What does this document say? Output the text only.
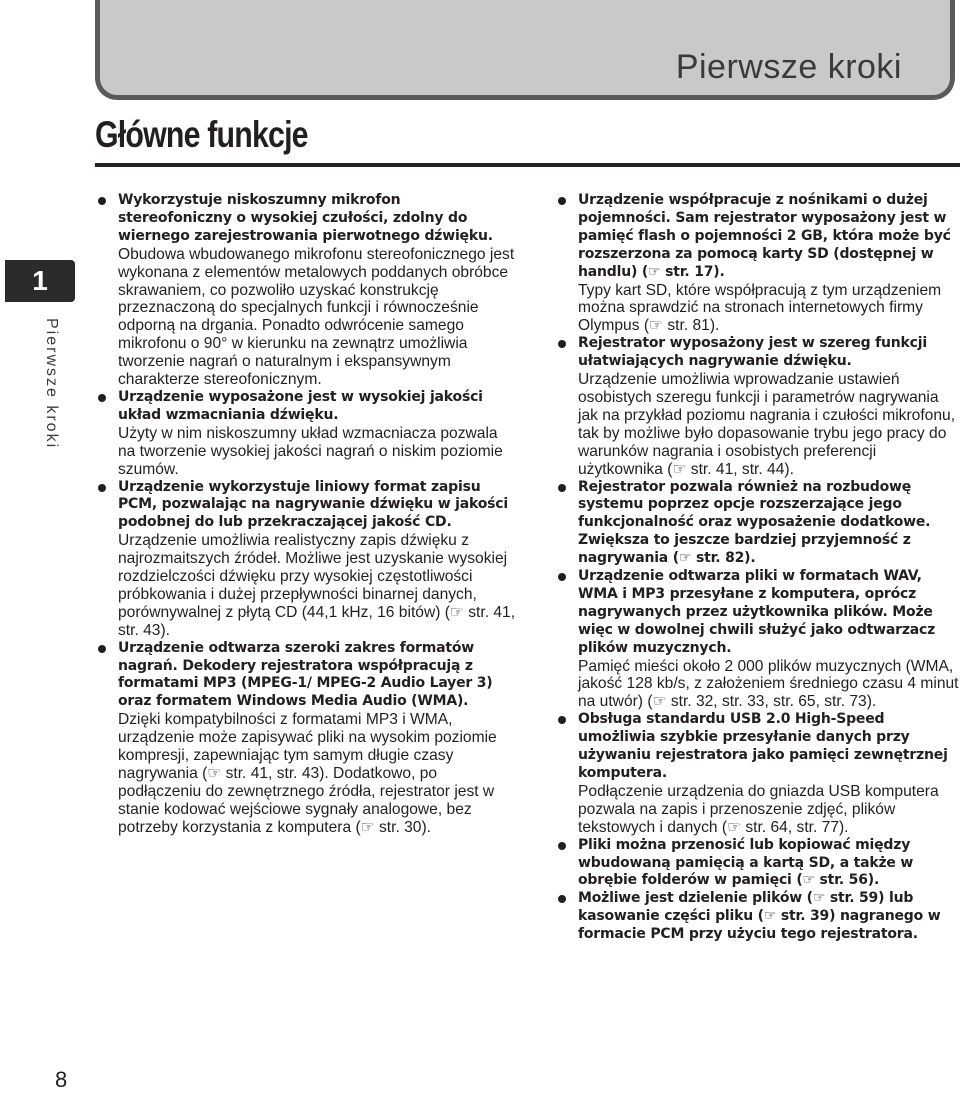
Pierwsze kroki
Główne funkcje
1
Pierwsze kroki
8
Wykorzystuje niskoszumny mikrofon stereofoniczny o wysokiej czułości, zdolny do wiernego zarejestrowania pierwotnego dźwięku.
Obudowa wbudowanego mikrofonu stereofonicznego jest wykonana z elementów metalowych poddanych obróbce skrawaniem, co pozwoliło uzyskać konstrukcję przeznaczoną do specjalnych funkcji i równocześnie odporną na drgania. Ponadto odwrócenie samego mikrofonu o 90° w kierunku na zewnątrz umożliwia tworzenie nagrań o naturalnym i ekspansywnym charakterze stereofonicznym.
Urządzenie wyposażone jest w wysokiej jakości układ wzmacniania dźwięku.
Użyty w nim niskoszumny układ wzmacniacza pozwala na tworzenie wysokiej jakości nagrań o niskim poziomie szumów.
Urządzenie wykorzystuje liniowy format zapisu PCM, pozwalając na nagrywanie dźwięku w jakości podobnej do lub przekraczającej jakość CD.
Urządzenie umożliwia realistyczny zapis dźwięku z najrozmaitszych źródeł. Możliwe jest uzyskanie wysokiej rozdzielczości dźwięku przy wysokiej częstotliwości próbkowania i dużej przepływności binarnej danych, porównywalnej z płytą CD (44,1 kHz, 16 bitów) (☞ str. 41, str. 43).
Urządzenie odtwarza szeroki zakres formatów nagrań. Dekodery rejestratora współpracują z formatami MP3 (MPEG-1/ MPEG-2 Audio Layer 3) oraz formatem Windows Media Audio (WMA).
Dzięki kompatybilności z formatami MP3 i WMA, urządzenie może zapisywać pliki na wysokim poziomie kompresji, zapewniając tym samym długie czasy nagrywania (☞ str. 41, str. 43). Dodatkowo, po podłączeniu do zewnętrznego źródła, rejestrator jest w stanie kodować wejściowe sygnały analogowe, bez potrzeby korzystania z komputera (☞ str. 30).
Urządzenie współpracuje z nośnikami o dużej pojemności. Sam rejestrator wyposażony jest w pamięć flash o pojemności 2 GB, która może być rozszerzona za pomocą karty SD (dostępnej w handlu) (☞ str. 17).
Typy kart SD, które współpracują z tym urządzeniem można sprawdzić na stronach internetowych firmy Olympus (☞ str. 81).
Rejestrator wyposażony jest w szereg funkcji ułatwiających nagrywanie dźwięku.
Urządzenie umożliwia wprowadzanie ustawień osobistych szeregu funkcji i parametrów nagrywania jak na przykład poziomu nagrania i czułości mikrofonu, tak by możliwe było dopasowanie trybu jego pracy do warunków nagrania i osobistych preferencji użytkownika (☞ str. 41, str. 44).
Rejestrator pozwala również na rozbudowę systemu poprzez opcje rozszerzające jego funkcjonalność oraz wyposażenie dodatkowe. Zwiększa to jeszcze bardziej przyjemność z nagrywania (☞ str. 82).
Urządzenie odtwarza pliki w formatach WAV, WMA i MP3 przesyłane z komputera, oprócz nagrywanych przez użytkownika plików. Może więc w dowolnej chwili służyć jako odtwarzacz plików muzycznych.
Pamięć mieści około 2 000 plików muzycznych (WMA, jakość 128 kb/s, z założeniem średniego czasu 4 minut na utwór) (☞ str. 32, str. 33, str. 65, str. 73).
Obsługa standardu USB 2.0 High-Speed umożliwia szybkie przesyłanie danych przy używaniu rejestratora jako pamięci zewnętrznej komputera.
Podłączenie urządzenia do gniazda USB komputera pozwala na zapis i przenoszenie zdjęć, plików tekstowych i danych (☞ str. 64, str. 77).
Pliki można przenosić lub kopiować między wbudowaną pamięcią a kartą SD, a także w obrębie folderów w pamięci (☞ str. 56).
Możliwe jest dzielenie plików (☞ str. 59) lub kasowanie części pliku (☞ str. 39) nagranego w formacie PCM przy użyciu tego rejestratora.
